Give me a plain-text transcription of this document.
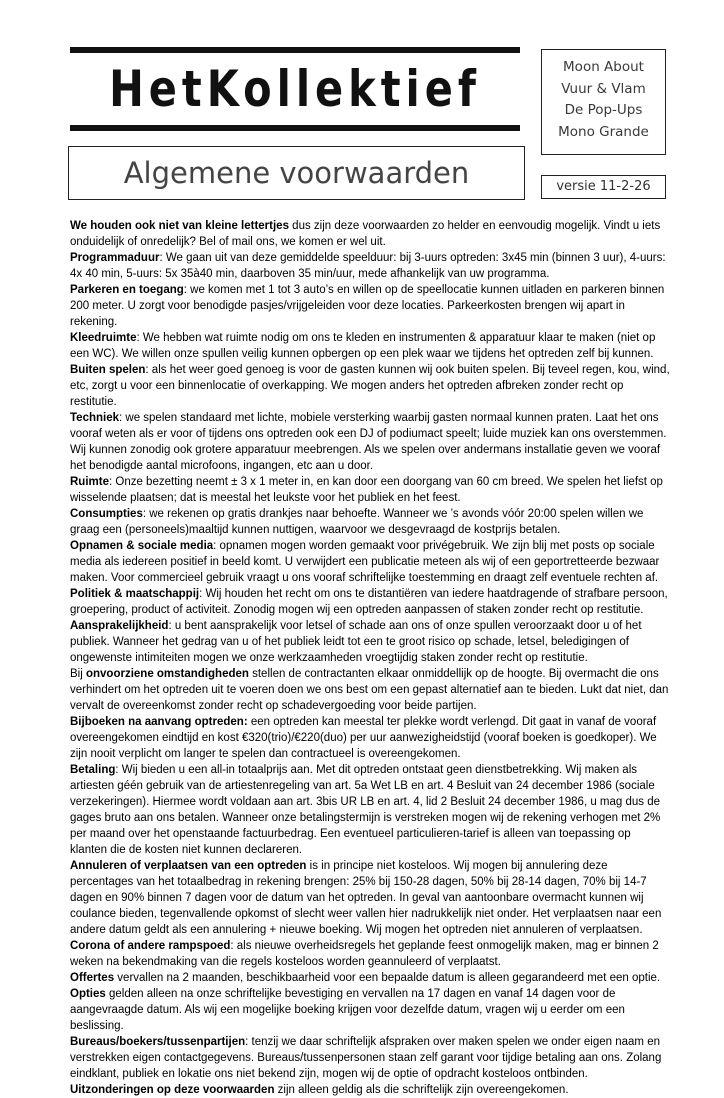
HetKollektief	Moon About
Vuur & Vlam
De Pop-Ups
Mono Grande
Algemene voorwaarden	versie 11-2-26

We houden ook niet van kleine lettertjes dus zijn deze voorwaarden zo helder en eenvoudig mogelijk. Vindt u iets onduidelijk of onredelijk? Bel of mail ons, we komen er wel uit.

Programmaduur: We gaan uit van deze gemiddelde speelduur: bij 3-uurs optreden: 3x45 min (binnen 3 uur), 4-uurs: 4x 40 min, 5-uurs: 5x 35à40 min, daarboven 35 min/uur, mede afhankelijk van uw programma.

Parkeren en toegang: we komen met 1 tot 3 auto’s en willen op de speellocatie kunnen uitladen en parkeren binnen 200 meter. U zorgt voor benodigde pasjes/vrijgeleiden voor deze locaties. Parkeerkosten brengen wij apart in rekening.

Kleedruimte: We hebben wat ruimte nodig om ons te kleden en instrumenten & apparatuur klaar te maken (niet op een WC). We willen onze spullen veilig kunnen opbergen op een plek waar we tijdens het optreden zelf bij kunnen.

Buiten spelen: als het weer goed genoeg is voor de gasten kunnen wij ook buiten spelen. Bij teveel regen, kou, wind, etc, zorgt u voor een binnenlocatie of overkapping. We mogen anders het optreden afbreken zonder recht op restitutie.

Techniek: we spelen standaard met lichte, mobiele versterking waarbij gasten normaal kunnen praten. Laat het ons vooraf weten als er voor of tijdens ons optreden ook een DJ of podiumact speelt; luide muziek kan ons overstemmen. Wij kunnen zonodig ook grotere apparatuur meebrengen. Als we spelen over andermans installatie geven we vooraf het benodigde aantal microfoons, ingangen, etc aan u door.

Ruimte: Onze bezetting neemt ± 3 x 1 meter in, en kan door een doorgang van 60 cm breed. We spelen het liefst op wisselende plaatsen; dat is meestal het leukste voor het publiek en het feest.

Consumpties: we rekenen op gratis drankjes naar behoefte. Wanneer we ’s avonds vóór 20:00 spelen willen we graag een (personeels)maaltijd kunnen nuttigen, waarvoor we desgevraagd de kostprijs betalen.

Opnamen & sociale media: opnamen mogen worden gemaakt voor privégebruik. We zijn blij met posts op sociale media als iedereen positief in beeld komt. U verwijdert een publicatie meteen als wij of een geportretteerde bezwaar maken. Voor commercieel gebruik vraagt u ons vooraf schriftelijke toestemming en draagt zelf eventuele rechten af.

Politiek & maatschappij: Wij houden het recht om ons te distantiëren van iedere haatdragende of strafbare persoon, groepering, product of activiteit. Zonodig mogen wij een optreden aanpassen of staken zonder recht op restitutie.

Aansprakelijkheid: u bent aansprakelijk voor letsel of schade aan ons of onze spullen veroorzaakt door u of het publiek. Wanneer het gedrag van u of het publiek leidt tot een te groot risico op schade, letsel, beledigingen of ongewenste intimiteiten mogen we onze werkzaamheden vroegtijdig staken zonder recht op restitutie.

Bij onvoorziene omstandigheden stellen de contractanten elkaar onmiddellijk op de hoogte. Bij overmacht die ons verhindert om het optreden uit te voeren doen we ons best om een gepast alternatief aan te bieden. Lukt dat niet, dan vervalt de overeenkomst zonder recht op schadevergoeding voor beide partijen.

Bijboeken na aanvang optreden: een optreden kan meestal ter plekke wordt verlengd. Dit gaat in vanaf de vooraf overeengekomen eindtijd en kost €320(trio)/€220(duo) per uur aanwezigheidstijd (vooraf boeken is goedkoper). We zijn nooit verplicht om langer te spelen dan contractueel is overeengekomen.

Betaling: Wij bieden u een all-in totaalprijs aan. Met dit optreden ontstaat geen dienstbetrekking. Wij maken als artiesten géén gebruik van de artiestenregeling van art. 5a Wet LB en art. 4 Besluit van 24 december 1986 (sociale verzekeringen). Hiermee wordt voldaan aan art. 3bis UR LB en art. 4, lid 2 Besluit 24 december 1986, u mag dus de gages bruto aan ons betalen. Wanneer onze betalingstermijn is verstreken mogen wij de rekening verhogen met 2% per maand over het openstaande factuurbedrag. Een eventueel particulieren-tarief is alleen van toepassing op klanten die de kosten niet kunnen declareren.

Annuleren of verplaatsen van een optreden is in principe niet kosteloos. Wij mogen bij annulering deze percentages van het totaalbedrag in rekening brengen: 25% bij 150-28 dagen, 50% bij 28-14 dagen, 70% bij 14-7 dagen en 90% binnen 7 dagen voor de datum van het optreden. In geval van aantoonbare overmacht kunnen wij coulance bieden, tegenvallende opkomst of slecht weer vallen hier nadrukkelijk niet onder. Het verplaatsen naar een andere datum geldt als een annulering + nieuwe boeking. Wij mogen het optreden niet annuleren of verplaatsen.

Corona of andere rampspoed: als nieuwe overheidsregels het geplande feest onmogelijk maken, mag er binnen 2 weken na bekendmaking van die regels kosteloos worden geannuleerd of verplaatst.

Offertes vervallen na 2 maanden, beschikbaarheid voor een bepaalde datum is alleen gegarandeerd met een optie.

Opties gelden alleen na onze schriftelijke bevestiging en vervallen na 17 dagen en vanaf 14 dagen voor de aangevraagde datum. Als wij een mogelijke boeking krijgen voor dezelfde datum, vragen wij u eerder om een beslissing.

Bureaus/boekers/tussenpartijen: tenzij we daar schriftelijk afspraken over maken spelen we onder eigen naam en verstrekken eigen contactgegevens. Bureaus/tussenpersonen staan zelf garant voor tijdige betaling aan ons. Zolang eindklant, publiek en lokatie ons niet bekend zijn, mogen wij de optie of opdracht kosteloos ontbinden.

Uitzonderingen op deze voorwaarden zijn alleen geldig als die schriftelijk zijn overeengekomen.
